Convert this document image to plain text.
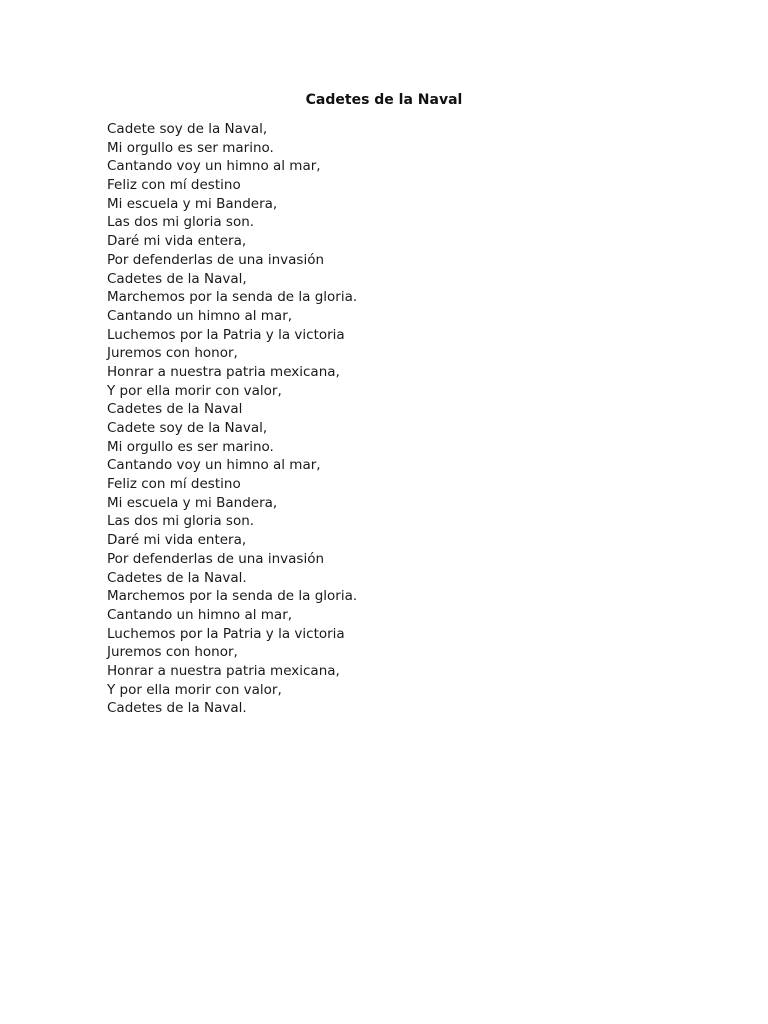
Cadetes de la Naval
Cadete soy de la Naval,
Mi orgullo es ser marino.
Cantando voy un himno al mar,
Feliz con mí destino
Mi escuela y mi Bandera,
Las dos mi gloria son.
Daré mi vida entera,
Por defenderlas de una invasión
Cadetes de la Naval,
Marchemos por la senda de la gloria.
Cantando un himno al mar,
Luchemos por la Patria y la victoria
Juremos con honor,
Honrar a nuestra patria mexicana,
Y por ella morir con valor,
Cadetes de la Naval
Cadete soy de la Naval,
Mi orgullo es ser marino.
Cantando voy un himno al mar,
Feliz con mí destino
Mi escuela y mi Bandera,
Las dos mi gloria son.
Daré mi vida entera,
Por defenderlas de una invasión
Cadetes de la Naval.
Marchemos por la senda de la gloria.
Cantando un himno al mar,
Luchemos por la Patria y la victoria
Juremos con honor,
Honrar a nuestra patria mexicana,
Y por ella morir con valor,
Cadetes de la Naval.
